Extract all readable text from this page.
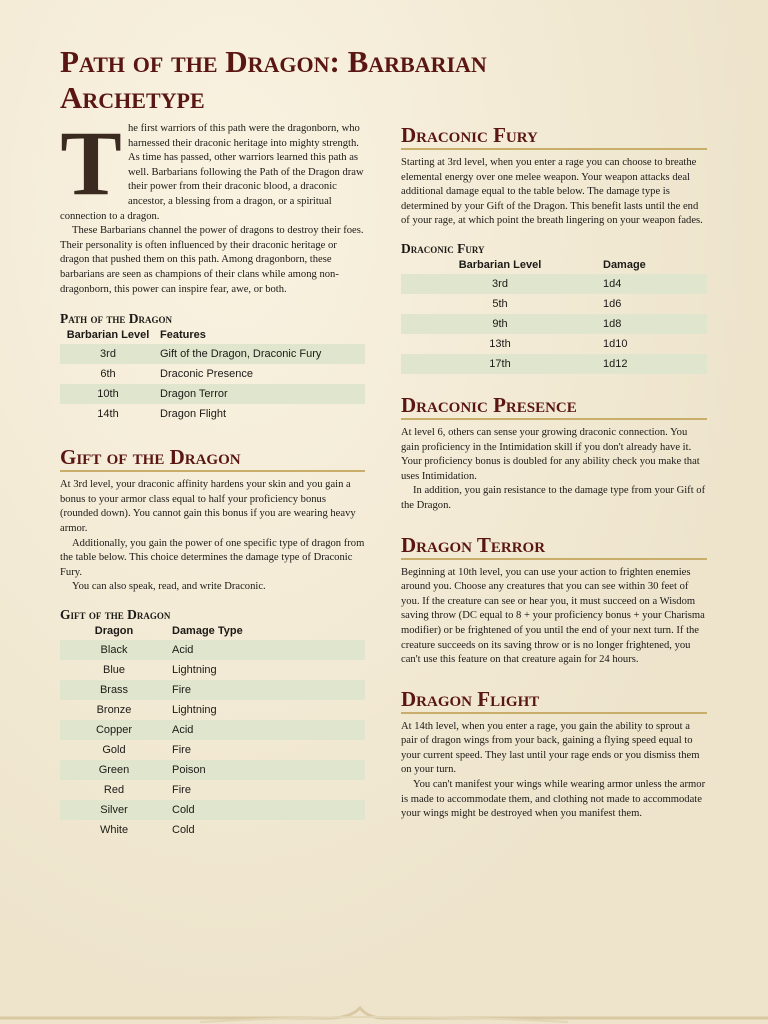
Path of the Dragon: Barbarian Archetype
T he first warriors of this path were the dragonborn, who harnessed their draconic heritage into mighty strength. As time has passed, other warriors learned this path as well. Barbarians following the Path of the Dragon draw their power from their draconic blood, a draconic ancestor, a blessing from a dragon, or a spiritual connection to a dragon.

These Barbarians channel the power of dragons to destroy their foes. Their personality is often influenced by their draconic heritage or dragon that pushed them on this path. Among dragonborn, these barbarians are seen as champions of their clans while among non-dragonborn, this power can inspire fear, awe, or both.

Path of the Dragon
Barbarian Level	Features
3rd	Gift of the Dragon, Draconic Fury
6th	Draconic Presence
10th	Dragon Terror
14th	Dragon Flight
Gift of the Dragon

At 3rd level, your draconic affinity hardens your skin and you gain a bonus to your armor class equal to half your proficiency bonus (rounded down). You cannot gain this bonus if you are wearing heavy armor.

Additionally, you gain the power of one specific type of dragon from the table below. This choice determines the damage type of Draconic Fury.

You can also speak, read, and write Draconic.

Gift of the Dragon
Dragon	Damage Type
Black	Acid
Blue	Lightning
Brass	Fire
Bronze	Lightning
Copper	Acid
Gold	Fire
Green	Poison
Red	Fire
Silver	Cold
White	Cold
Draconic Fury

Starting at 3rd level, when you enter a rage you can choose to breathe elemental energy over one melee weapon. Your weapon attacks deal additional damage equal to the table below. The damage type is determined by your Gift of the Dragon. This benefit lasts until the end of your rage, at which point the breath lingering on your weapon fades.

Draconic Fury
Barbarian Level	Damage
3rd	1d4
5th	1d6
9th	1d8
13th	1d10
17th	1d12
Draconic Presence

At level 6, others can sense your growing draconic connection. You gain proficiency in the Intimidation skill if you don't already have it. Your proficiency bonus is doubled for any ability check you make that uses Intimidation.

In addition, you gain resistance to the damage type from your Gift of the Dragon.

Dragon Terror

Beginning at 10th level, you can use your action to frighten enemies around you. Choose any creatures that you can see within 30 feet of you. If the creature can see or hear you, it must succeed on a Wisdom saving throw (DC equal to 8 + your proficiency bonus + your Charisma modifier) or be frightened of you until the end of your next turn. If the creature succeeds on its saving throw or is no longer frightened, you can't use this feature on that creature again for 24 hours.

Dragon Flight

At 14th level, when you enter a rage, you gain the ability to sprout a pair of dragon wings from your back, gaining a flying speed equal to your current speed. They last until your rage ends or you dismiss them on your turn.

You can't manifest your wings while wearing armor unless the armor is made to accommodate them, and clothing not made to accommodate your wings might be destroyed when you manifest them.
